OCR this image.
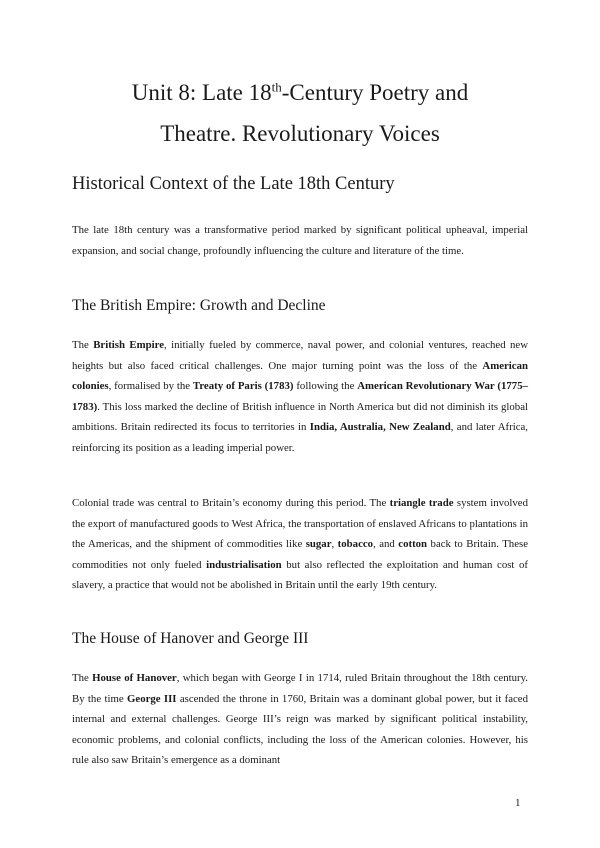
Unit 8: Late 18th-Century Poetry and
Theatre. Revolutionary Voices
Historical Context of the Late 18th Century

The late 18th century was a transformative period marked by significant political upheaval, imperial expansion, and social change, profoundly influencing the culture and literature of the time.

The British Empire: Growth and Decline

The British Empire, initially fueled by commerce, naval power, and colonial ventures, reached new heights but also faced critical challenges. One major turning point was the loss of the American colonies, formalised by the Treaty of Paris (1783) following the American Revolutionary War (1775–1783). This loss marked the decline of British influence in North America but did not diminish its global ambitions. Britain redirected its focus to territories in India, Australia, New Zealand, and later Africa, reinforcing its position as a leading imperial power.

Colonial trade was central to Britain’s economy during this period. The triangle trade system involved the export of manufactured goods to West Africa, the transportation of enslaved Africans to plantations in the Americas, and the shipment of commodities like sugar, tobacco, and cotton back to Britain. These commodities not only fueled industrialisation but also reflected the exploitation and human cost of slavery, a practice that would not be abolished in Britain until the early 19th century.

The House of Hanover and George III

The House of Hanover, which began with George I in 1714, ruled Britain throughout the 18th century. By the time George III ascended the throne in 1760, Britain was a dominant global power, but it faced internal and external challenges. George III’s reign was marked by significant political instability, economic problems, and colonial conflicts, including the loss of the American colonies. However, his rule also saw Britain’s emergence as a dominant

1
